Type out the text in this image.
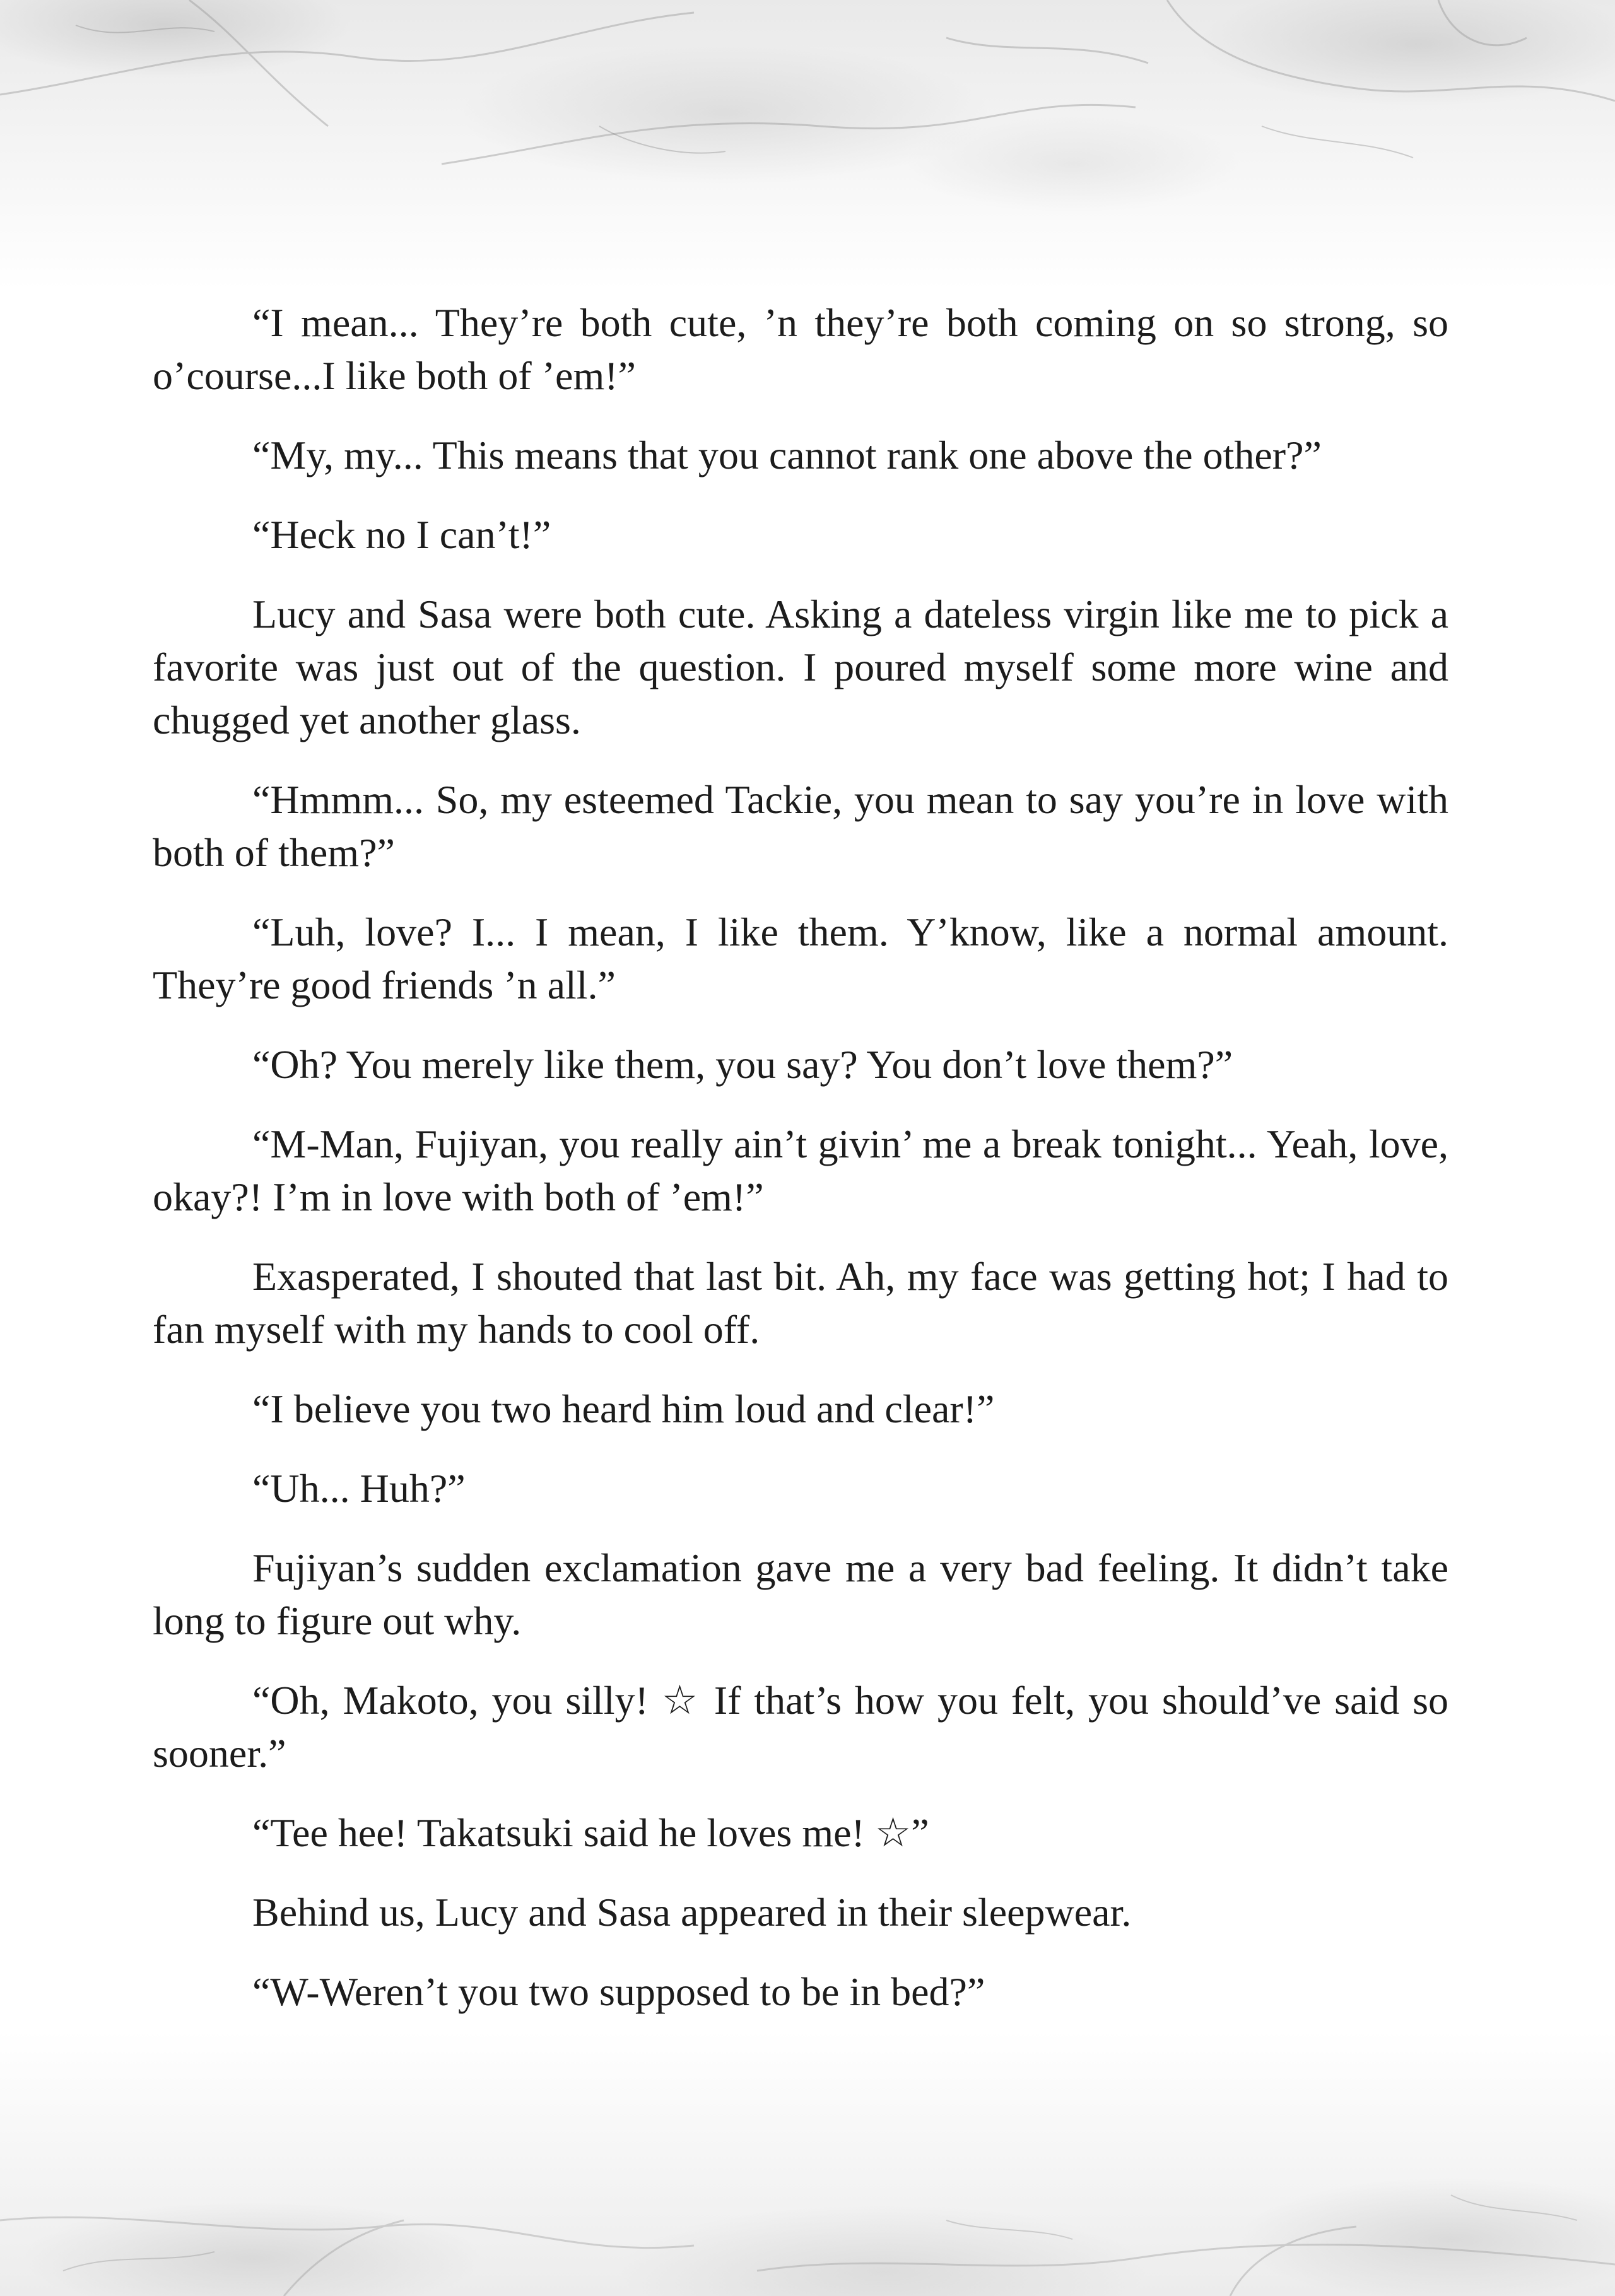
“I mean... They’re both cute, ’n they’re both coming on so strong, so o’course...I like both of ’em!”

“My, my... This means that you cannot rank one above the other?”

“Heck no I can’t!”

Lucy and Sasa were both cute. Asking a dateless virgin like me to pick a favorite was just out of the question. I poured myself some more wine and chugged yet another glass.

“Hmmm... So, my esteemed Tackie, you mean to say you’re in love with both of them?”

“Luh, love? I... I mean, I like them. Y’know, like a normal amount. They’re good friends ’n all.”

“Oh? You merely like them, you say? You don’t love them?”

“M-Man, Fujiyan, you really ain’t givin’ me a break tonight... Yeah, love, okay?! I’m in love with both of ’em!”

Exasperated, I shouted that last bit. Ah, my face was getting hot; I had to fan myself with my hands to cool off.

“I believe you two heard him loud and clear!”

“Uh... Huh?”

Fujiyan’s sudden exclamation gave me a very bad feeling. It didn’t take long to figure out why.

“Oh, Makoto, you silly! ☆ If that’s how you felt, you should’ve said so sooner.”

“Tee hee! Takatsuki said he loves me! ☆”

Behind us, Lucy and Sasa appeared in their sleepwear.

“W-Weren’t you two supposed to be in bed?”
